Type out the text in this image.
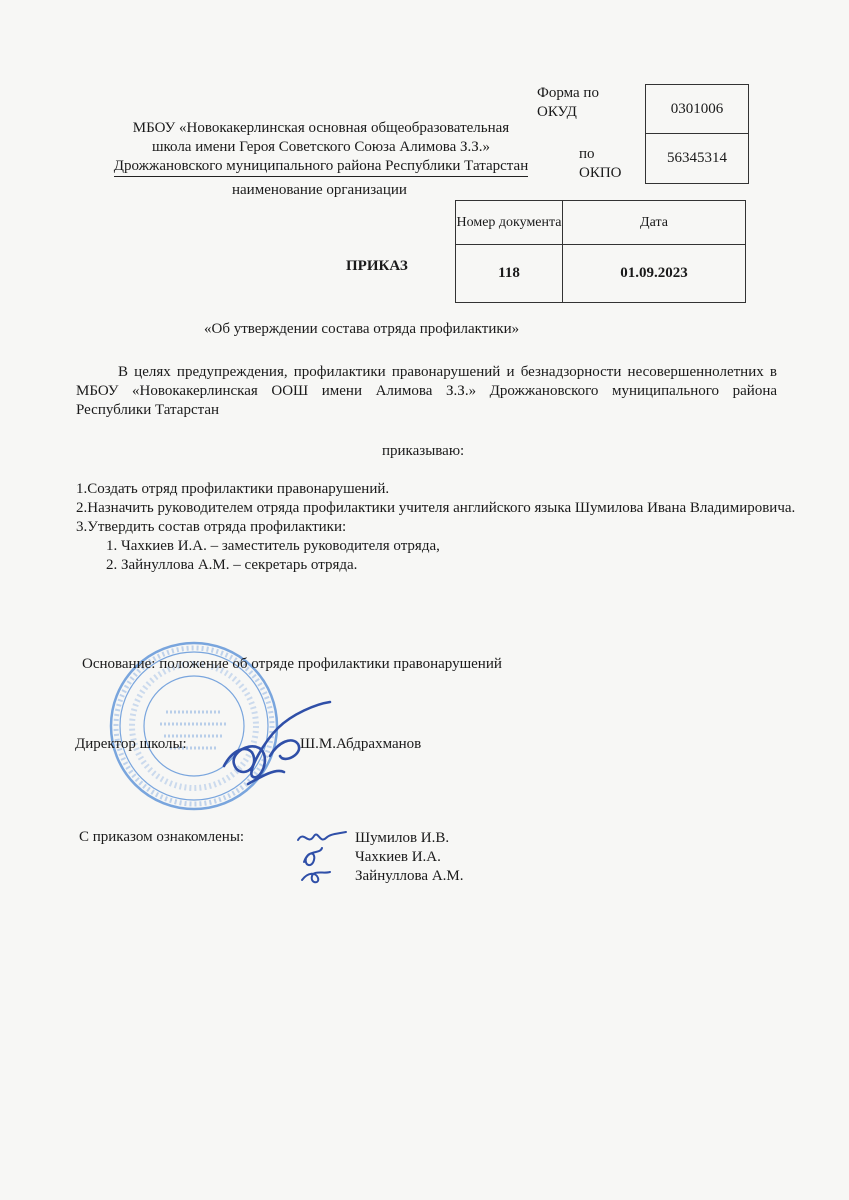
МБОУ «Новокакерлинская основная общеобразовательная
школа имени Героя Советского Союза Алимова З.З.»
Дрожжановского муниципального района Республики Татарстан
наименование организации
Форма по ОКУД
по ОКПО
0301006
56345314
Номер документа
118
Дата
01.09.2023
ПРИКАЗ
«Об утверждении состава отряда профилактики»
В целях предупреждения, профилактики правонарушений и безнадзорности несовершеннолетних в МБОУ «Новокакерлинская ООШ имени Алимова З.З.» Дрожжановского муниципального района Республики Татарстан
приказываю:
1.Создать отряд профилактики правонарушений.
2.Назначить руководителем отряда профилактики учителя английского языка Шумилова Ивана Владимировича.
3.Утвердить состав отряда профилактики:
1. Чахкиев И.А. – заместитель руководителя отряда,
2. Зайнуллова А.М. – секретарь отряда.
Основание: положение об отряде профилактики правонарушений
Директор школы:	Ш.М.Абдрахманов
С приказом ознакомлены:	Шумилов И.В.
Чахкиев И.А.
Зайнуллова А.М.
